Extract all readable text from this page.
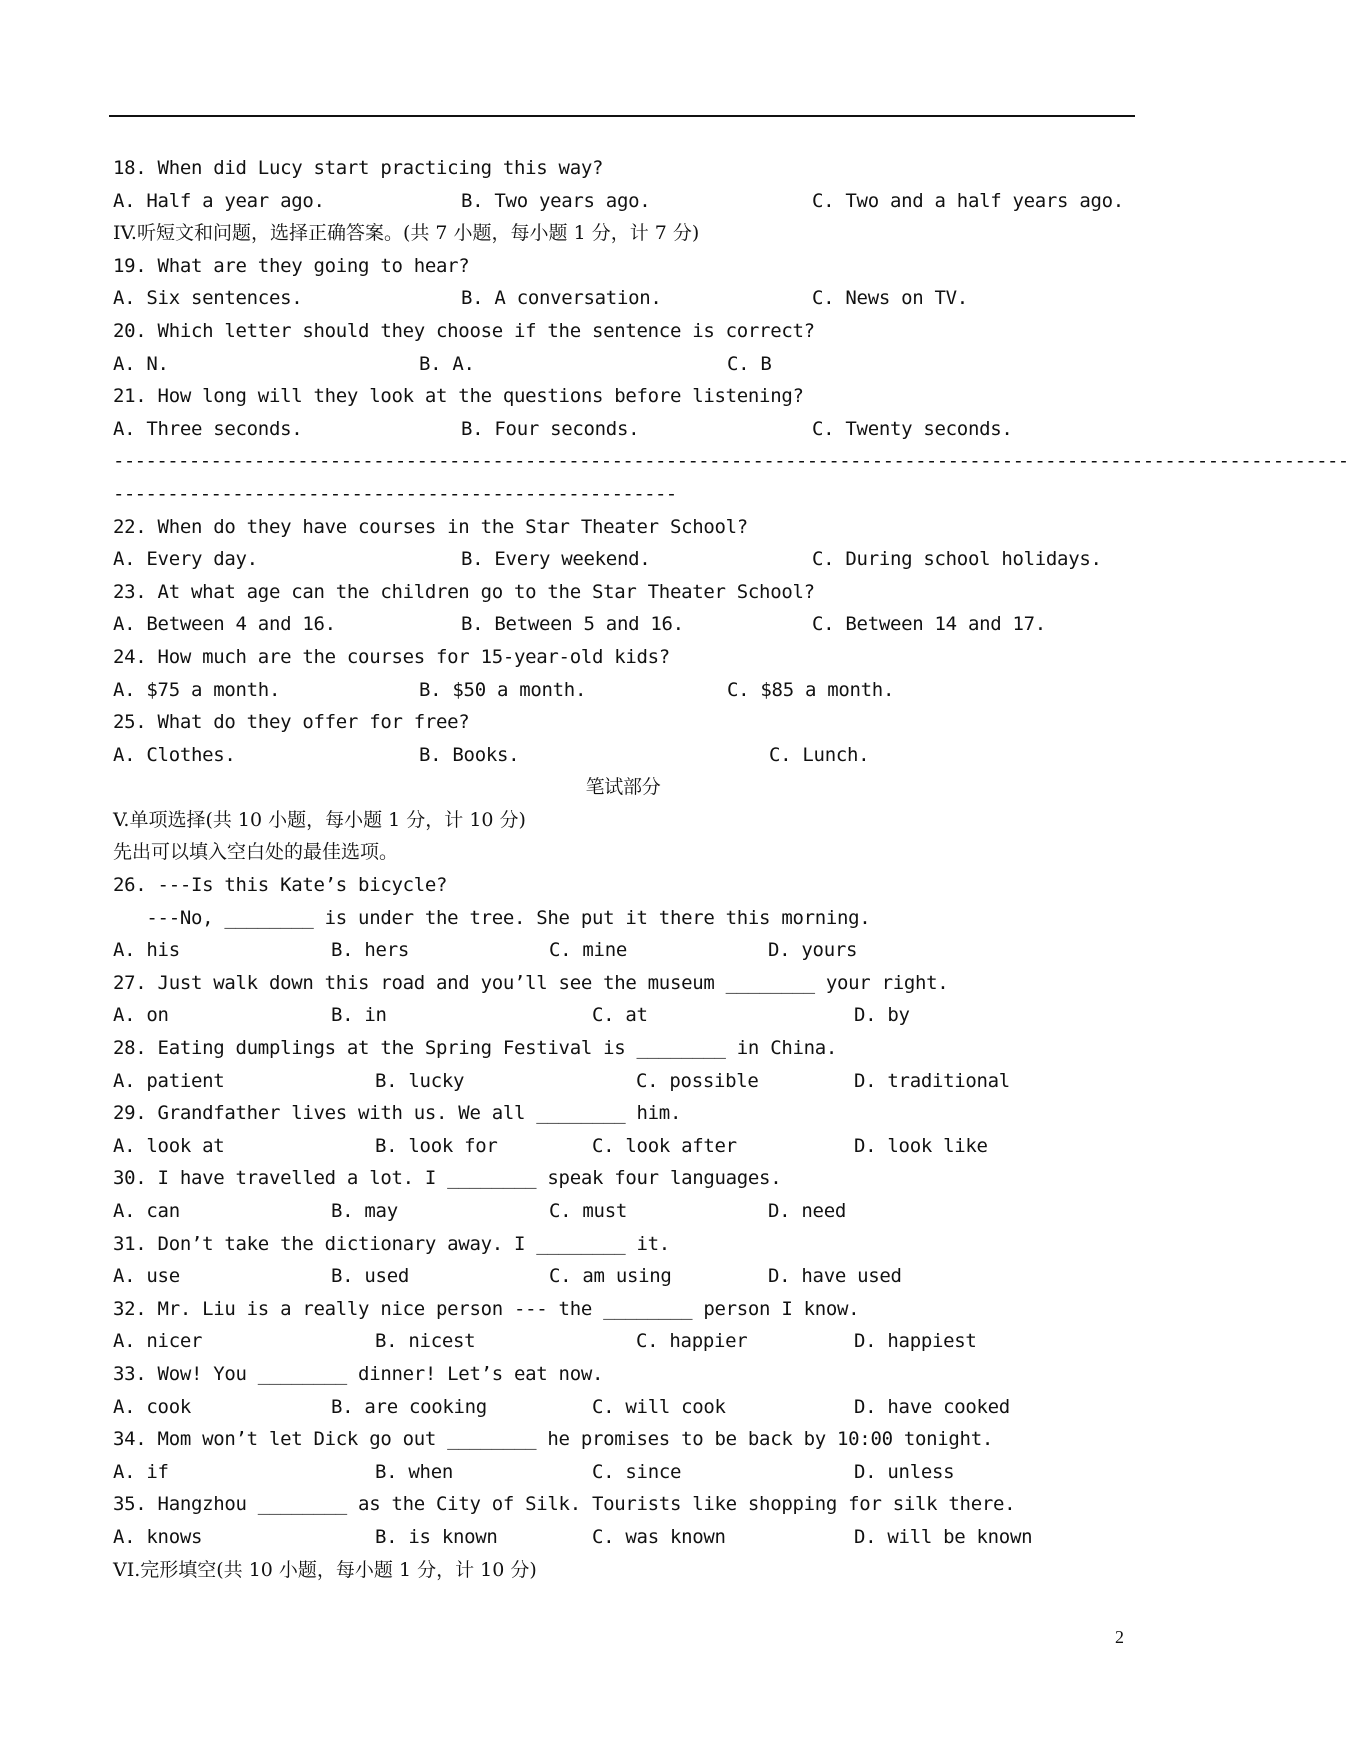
18. When did Lucy start practicing this way?

A. Half a year ago.

	B. Two years ago.

	C. Two and a half years ago.

IV.听短文和问题，选择正确答案。(共 7 小题，每小题 1 分，计 7 分)
19. What are they going to hear?

A. Six sentences.

	B. A conversation.

	C. News on TV.

20. Which letter should they choose if the sentence is correct?

A. N.

	B. A.

	C. B

21. How long will they look at the questions before listening?

A. Three seconds.

	B. Four seconds.

	C. Twenty seconds.

------------------------------------------------------------------------------------------------------------------
----------------------------------------------------
22. When do they have courses in the Star Theater School?

A. Every day.

	B. Every weekend.

	C. During school holidays.

23. At what age can the children go to the Star Theater School?

A. Between 4 and 16.

	B. Between 5 and 16.

	C. Between 14 and 17.

24. How much are the courses for 15-year-old kids?

A. $75 a month.

	B. $50 a month.

	C. $85 a month.

25. What do they offer for free?

A. Clothes.

	B. Books.

	C. Lunch.

笔试部分
V.单项选择(共 10 小题，每小题 1 分，计 10 分)
先出可以填入空白处的最佳选项。
26. ---Is this Kate’s bicycle?
---No, ________ is under the tree. She put it there this morning.

A. his

	B. hers

	C. mine

	D. yours

27. Just walk down this road and you’ll see the museum ________ your right.

A. on

	B. in

	C. at

	D. by

28. Eating dumplings at the Spring Festival is ________ in China.

A. patient

	B. lucky

	C. possible

	D. traditional

29. Grandfather lives with us. We all ________ him.

A. look at

	B. look for

	C. look after

	D. look like

30. I have travelled a lot. I ________ speak four languages.

A. can

	B. may

	C. must

	D. need

31. Don’t take the dictionary away. I ________ it.

A. use

	B. used

	C. am using

	D. have used

32. Mr. Liu is a really nice person --- the ________ person I know.

A. nicer

	B. nicest

	C. happier

	D. happiest

33. Wow! You ________ dinner! Let’s eat now.

A. cook

	B. are cooking

	C. will cook

	D. have cooked

34. Mom won’t let Dick go out ________ he promises to be back by 10:00 tonight.

A. if

	B. when

	C. since

	D. unless

35. Hangzhou ________ as the City of Silk. Tourists like shopping for silk there.

A. knows

	B. is known

	C. was known

	D. will be known

VI.完形填空(共 10 小题，每小题 1 分，计 10 分)
2
